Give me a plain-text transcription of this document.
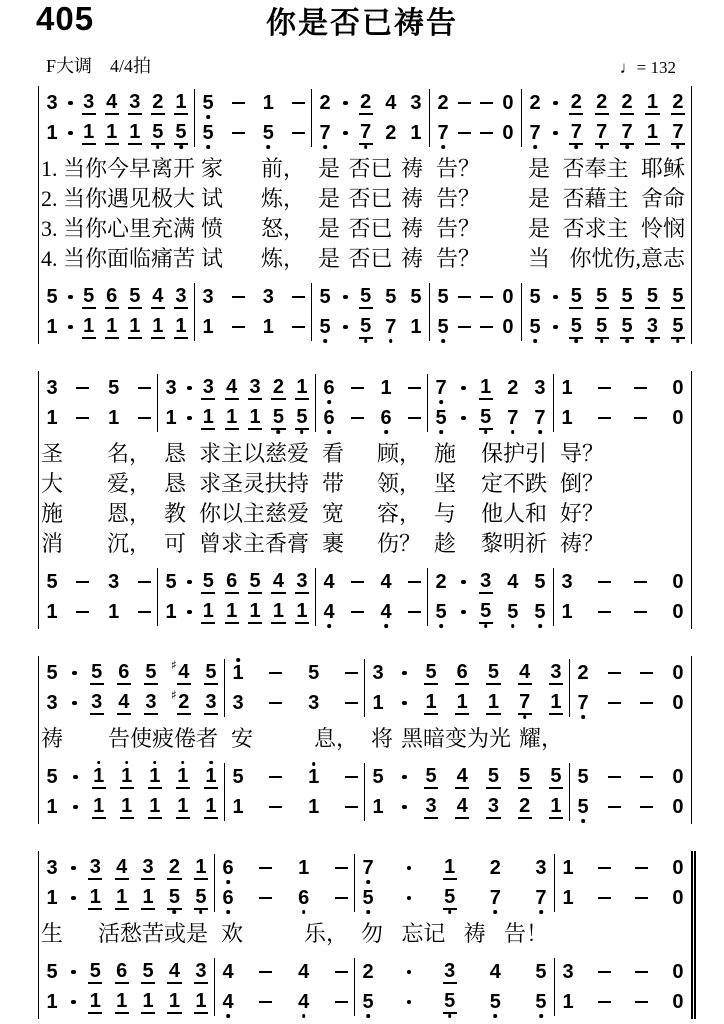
405	你是否已祷告
F大调 4/4拍	♩= 132
3 3 4 3 2 1
1 1 1 1 5 5
5 1
5 5
2 2 4 3
7 7 2 1
2	0
7	0
2 2 2 2 1 2
7 7 7 7 1 7
1. 当 你今早离开 家 前， 是 否已 祷 告？ 是 否奉主 耶稣
2. 当 你遇见极大 试 炼， 是 否已 祷 告？ 是 否藉主 舍命
3. 当 你心里充满 愤 怒， 是 否已 祷 告？ 是 否求主 怜悯
4. 当 你面临痛苦 试 炼， 是 否已 祷 告？ 当 你忧伤,意志
5 5 6 5 4 3
1 1 1 1 1 1
3 3
1 1
5 5 5 5
5 5 7 1
5	0
5	0
5 5 5 5 5 5
5 5 5 5 3 5
3	5
1	1
3 3 4 3 2 1
1 1 1 1 5 5
6 1
6 6
7 1 2 3
5 5 7 7
1	0
1	0
圣 名， 恳 求主以慈爱 看 顾， 施 保护引 导？
大 爱， 恳 求圣灵扶持 带 领， 坚 定不跌 倒？
施 恩， 教 你以主慈爱 宽 容， 与 他人和 好？
消 沉， 可 曾求主香膏 裹 伤？ 趁 黎明祈 祷？
5	3
1	1
5 5 6 5 4 3
1 1 1 1 1 1
4 4
4 4
2 3 4 5
5 5 5 5
3	0
1	0
5 5 6 5 ♯ 4 5
3 3 4 3 ♯ 2 3
1	5
3	3
3 5 6 5 4 3
1 1 1 1 7 1
2	0
7	0
祷 告使疲倦者 安	息， 将 黑暗变为光 耀，
5 1 1 1 1 1
1 1 1 1 1 1
5	1
1	1
5 5 4 5 5 5
1 3 4 3 2 1
5	0
5	0
3 3 4 3 2 1
1 1 1 1 5 5
6	1
6	6
7	1 2 3
5	5 7 7
1	0
1	0
生 活愁苦或是 欢	乐， 勿 忘记 祷 告！
5 5 6 5 4 3
1 1 1 1 1 1
4	4
4	4
2	3 4 5
5	5 5 5
3	0
1	0
